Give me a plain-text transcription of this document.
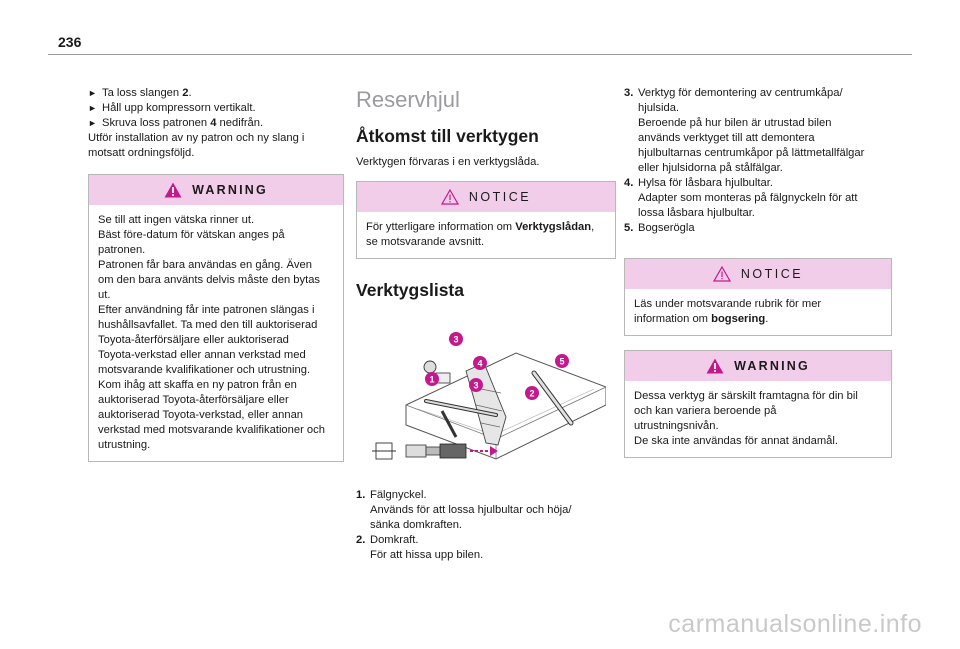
236
► Ta loss slangen 2.
► Håll upp kompressorn vertikalt.
► Skruva loss patronen 4 nedifrån.
Utför installation av ny patron och ny slang i
motsatt ordningsföljd.
WARNING
Se till att ingen vätska rinner ut.
Bäst före-datum för vätskan anges på
patronen.
Patronen får bara användas en gång. Även
om den bara använts delvis måste den bytas
ut.
Efter användning får inte patronen slängas i
hushållsavfallet. Ta med den till auktoriserad
Toyota-återförsäljare eller auktoriserad
Toyota-verkstad eller annan verkstad med
motsvarande kvalifikationer och utrustning.
Kom ihåg att skaffa en ny patron från en
auktoriserad Toyota-återförsäljare eller
auktoriserad Toyota-verkstad, eller annan
verkstad med motsvarande kvalifikationer och
utrustning.
Reservhjul
Åtkomst till verktygen
Verktygen förvaras i en verktygslåda.
NOTICE
För ytterligare information om Verktygslådan,
se motsvarande avsnitt.
Verktygslista
1
2
3
4	5
3
1. Fälgnyckel.
Används för att lossa hjulbultar och höja/
sänka domkraften.
2. Domkraft.
För att hissa upp bilen.
3. Verktyg för demontering av centrumkåpa/
hjulsida.
Beroende på hur bilen är utrustad bilen
används verktyget till att demontera
hjulbultarnas centrumkåpor på lättmetallfälgar
eller hjulsidorna på stålfälgar.
4. Hylsa för låsbara hjulbultar.
Adapter som monteras på fälgnyckeln för att
lossa låsbara hjulbultar.
5. Bogserögla
NOTICE
Läs under motsvarande rubrik för mer
information om bogsering.
WARNING
Dessa verktyg är särskilt framtagna för din bil
och kan variera beroende på
utrustningsnivån.
De ska inte användas för annat ändamål.
carmanualsonline.info
